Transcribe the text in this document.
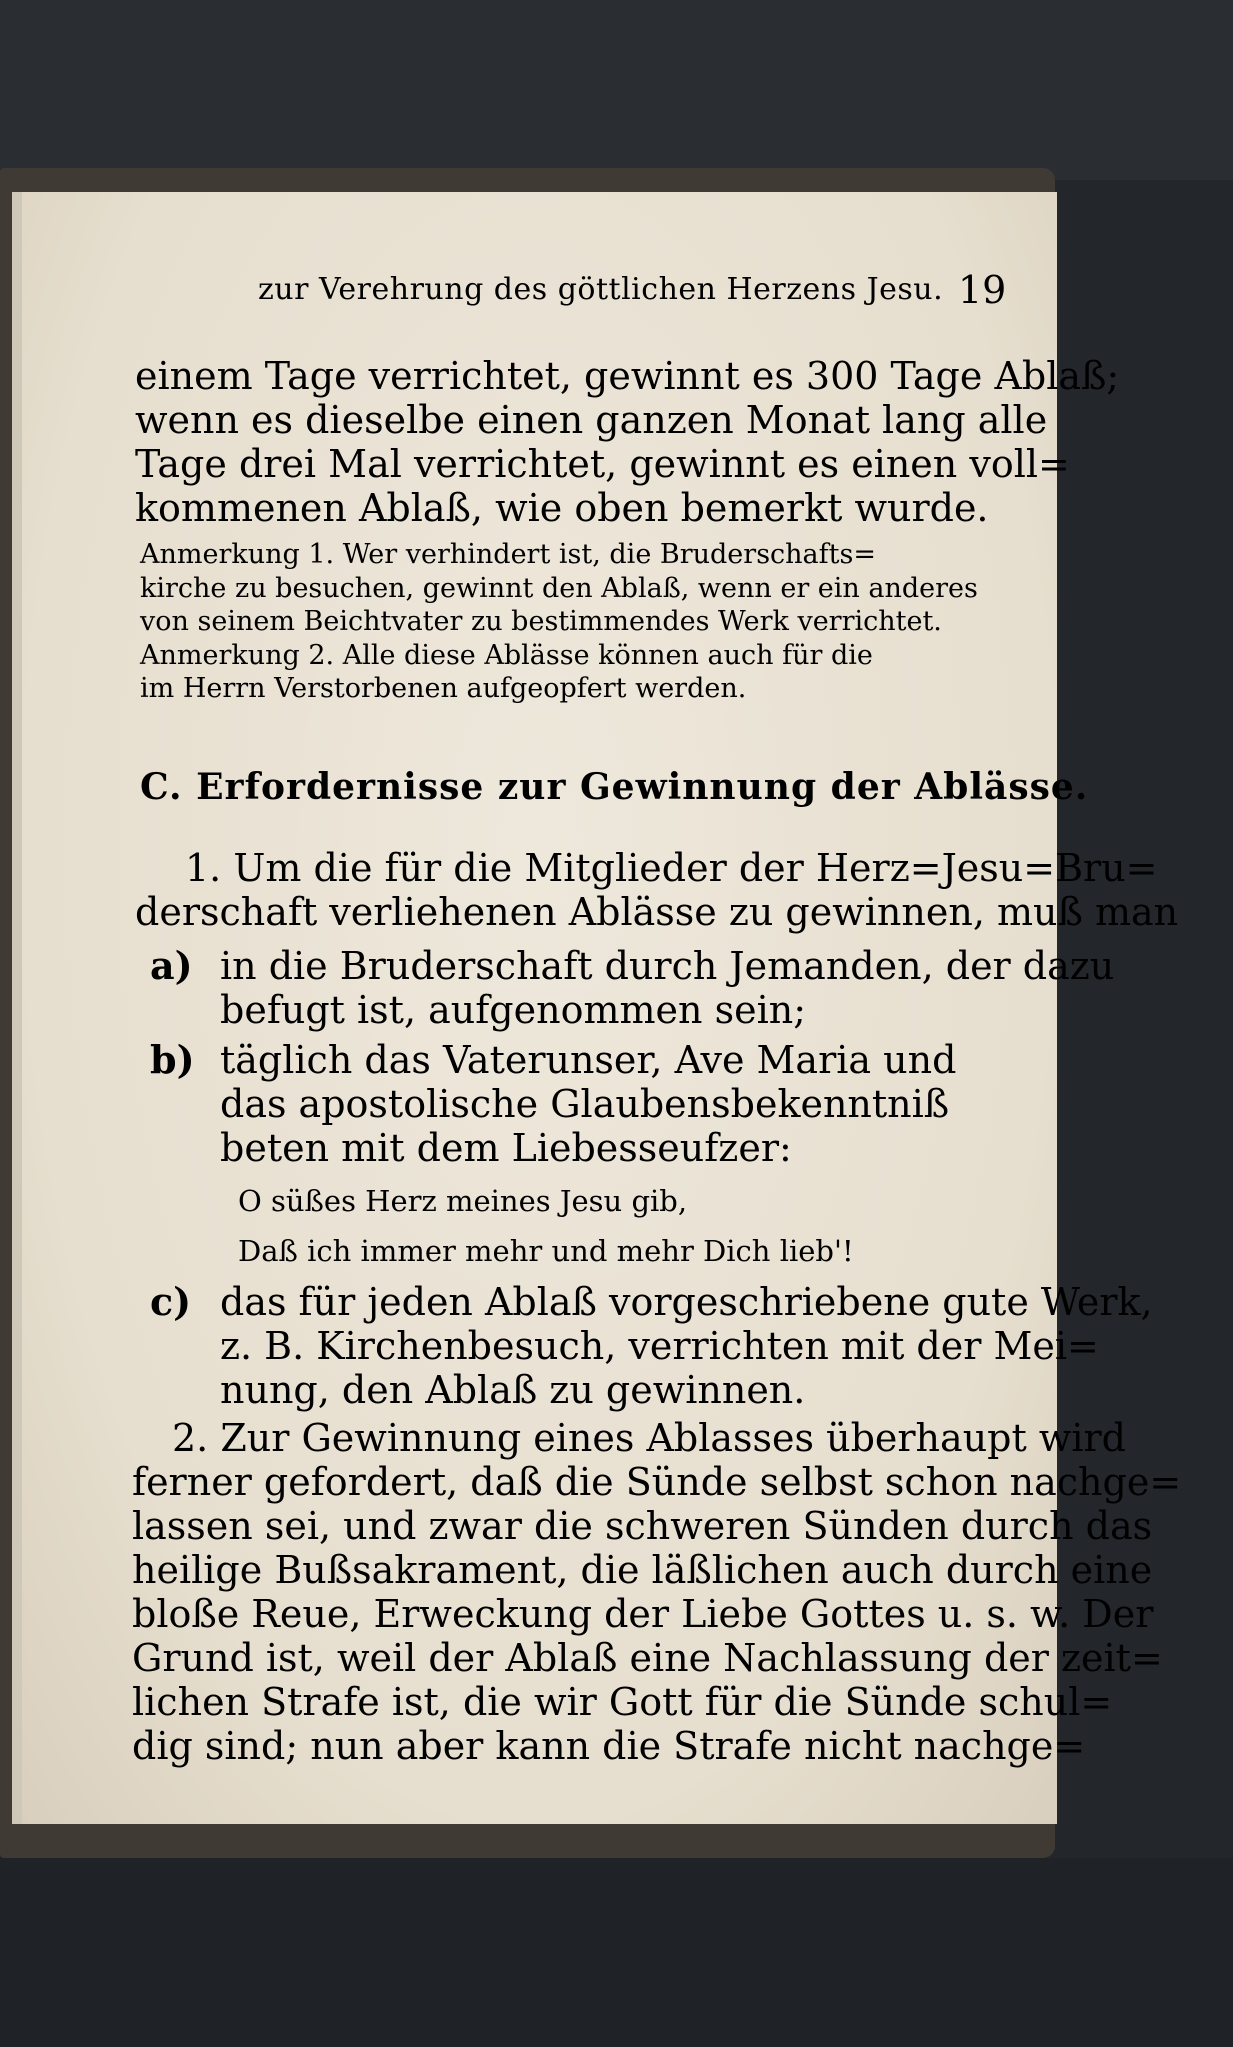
zur Verehrung des göttlichen Herzens Jesu. 19
einem Tage verrichtet, gewinnt es 300 Tage Ablaß;
wenn es dieselbe einen ganzen Monat lang alle
Tage drei Mal verrichtet, gewinnt es einen voll=
kommenen Ablaß, wie oben bemerkt wurde.
Anmerkung 1. Wer verhindert ist, die Bruderschafts=
kirche zu besuchen, gewinnt den Ablaß, wenn er ein anderes
von seinem Beichtvater zu bestimmendes Werk verrichtet.
Anmerkung 2. Alle diese Ablässe können auch für die
im Herrn Verstorbenen aufgeopfert werden.
C. Erfordernisse zur Gewinnung der Ablässe.
1. Um die für die Mitglieder der Herz=Jesu=Bru=
derschaft verliehenen Ablässe zu gewinnen, muß man
a) in die Bruderschaft durch Jemanden, der dazu
befugt ist, aufgenommen sein;
b) täglich das Vaterunser, Ave Maria und
das apostolische Glaubensbekenntniß
beten mit dem Liebesseufzer:
O süßes Herz meines Jesu gib,
Daß ich immer mehr und mehr Dich lieb'!
c) das für jeden Ablaß vorgeschriebene gute Werk,
z. B. Kirchenbesuch, verrichten mit der Mei=
nung, den Ablaß zu gewinnen.
2. Zur Gewinnung eines Ablasses überhaupt wird
ferner gefordert, daß die Sünde selbst schon nachge=
lassen sei, und zwar die schweren Sünden durch das
heilige Bußsakrament, die läßlichen auch durch eine
bloße Reue, Erweckung der Liebe Gottes u. s. w. Der
Grund ist, weil der Ablaß eine Nachlassung der zeit=
lichen Strafe ist, die wir Gott für die Sünde schul=
dig sind; nun aber kann die Strafe nicht nachge=
